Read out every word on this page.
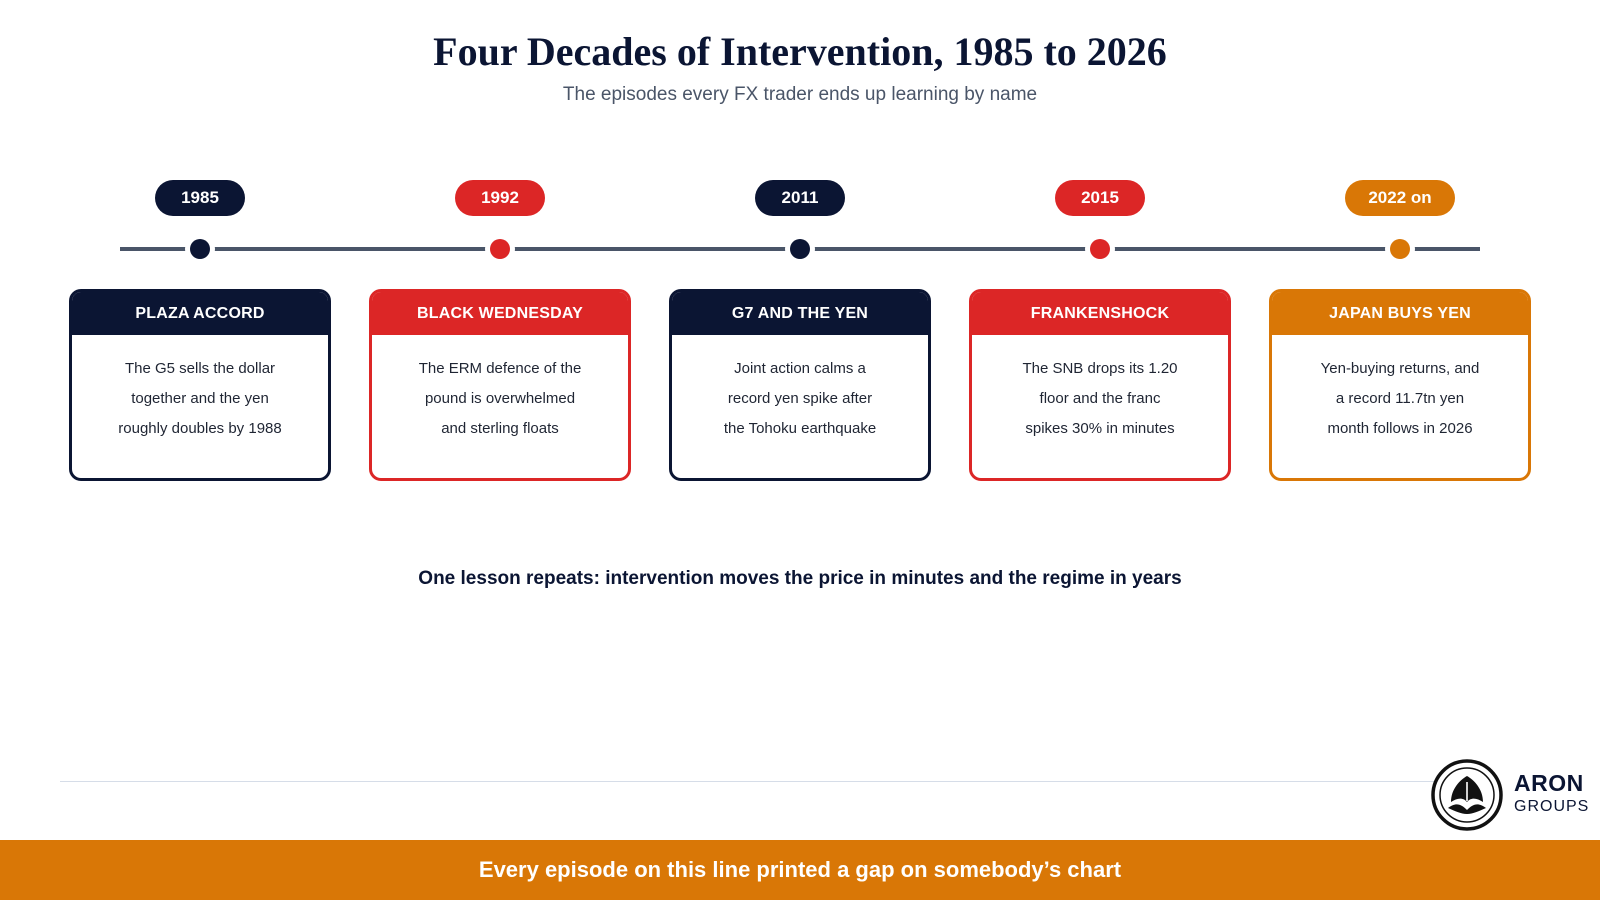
Four Decades of Intervention, 1985 to 2026
The episodes every FX trader ends up learning by name
1985
PLAZA ACCORD
The G5 sells the dollar
together and the yen
roughly doubles by 1988
1992
BLACK WEDNESDAY
The ERM defence of the
pound is overwhelmed
and sterling floats
2011
G7 AND THE YEN
Joint action calms a
record yen spike after
the Tohoku earthquake
2015
FRANKENSHOCK
The SNB drops its 1.20
floor and the franc
spikes 30% in minutes
2022 on
JAPAN BUYS YEN
Yen-buying returns, and
a record 11.7tn yen
month follows in 2026
One lesson repeats: intervention moves the price in minutes and the regime in years
ARON
GROUPS
Every episode on this line printed a gap on somebody’s chart
